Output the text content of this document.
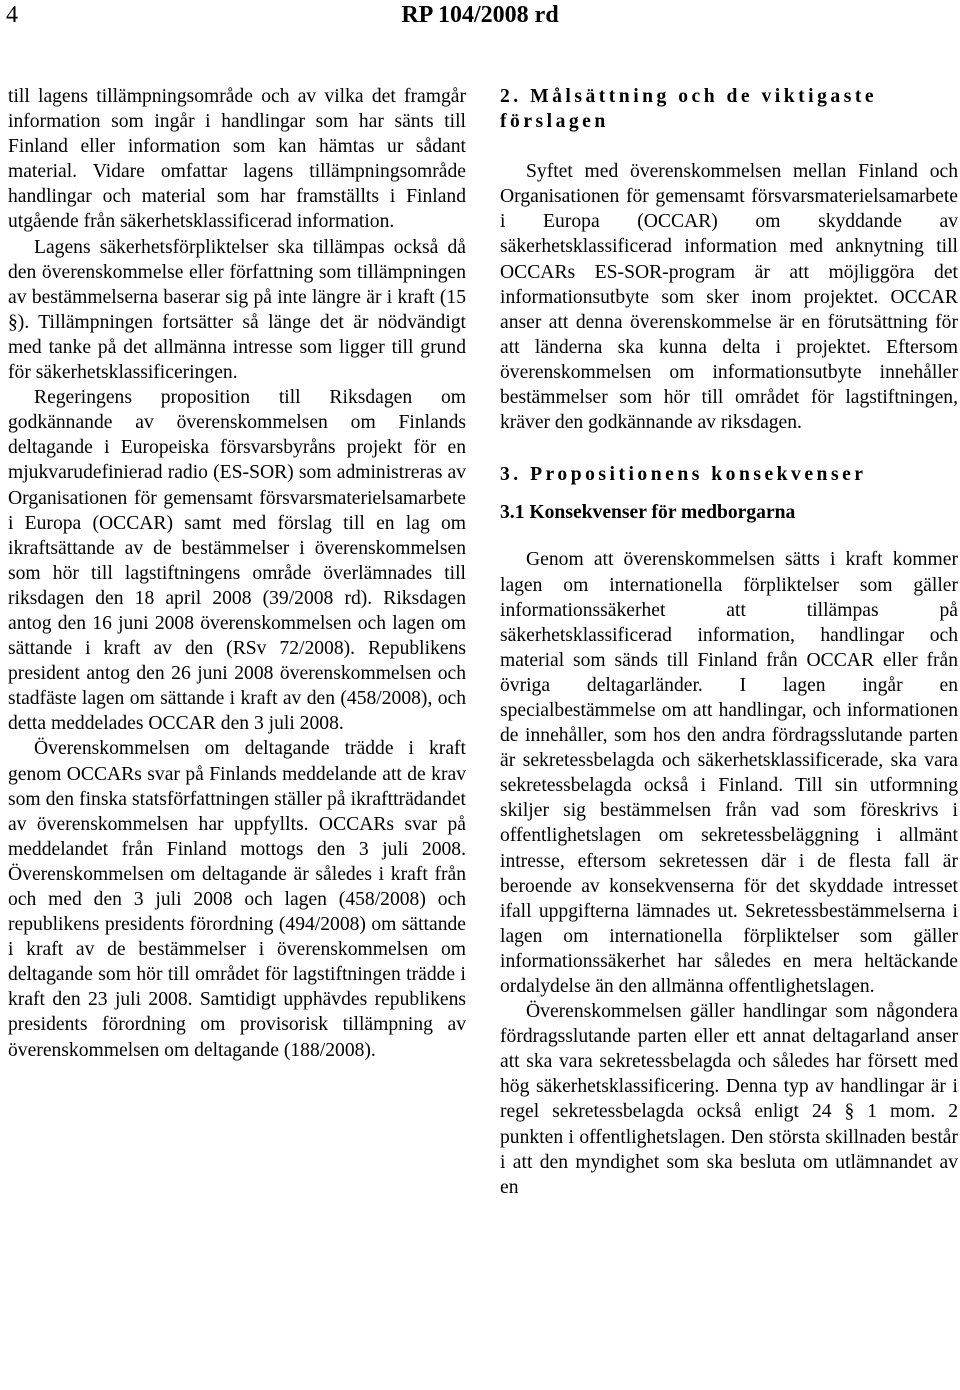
4	RP 104/2008 rd

till lagens tillämpningsområde och av vilka det framgår information som ingår i handlingar som har sänts till Finland eller information som kan hämtas ur sådant material. Vidare omfattar lagens tillämpningsområde handlingar och material som har framställts i Finland utgående från säkerhetsklassificerad information.

Lagens säkerhetsförpliktelser ska tillämpas också då den överenskommelse eller författning som tillämpningen av bestämmelserna baserar sig på inte längre är i kraft (15 §). Tillämpningen fortsätter så länge det är nödvändigt med tanke på det allmänna intresse som ligger till grund för säkerhetsklassificeringen.

Regeringens proposition till Riksdagen om godkännande av överenskommelsen om Finlands deltagande i Europeiska försvarsbyråns projekt för en mjukvarudefinierad radio (ES-SOR) som administreras av Organisationen för gemensamt försvarsmaterielsamarbete i Europa (OCCAR) samt med förslag till en lag om ikraftsättande av de bestämmelser i överenskommelsen som hör till lagstiftningens område överlämnades till riksdagen den 18 april 2008 (39/2008 rd). Riksdagen antog den 16 juni 2008 överenskommelsen och lagen om sättande i kraft av den (RSv 72/2008). Republikens president antog den 26 juni 2008 överenskommelsen och stadfäste lagen om sättande i kraft av den (458/2008), och detta meddelades OCCAR den 3 juli 2008.

Överenskommelsen om deltagande trädde i kraft genom OCCARs svar på Finlands meddelande att de krav som den finska statsförfattningen ställer på ikraftträdandet av överenskommelsen har uppfyllts. OCCARs svar på meddelandet från Finland mottogs den 3 juli 2008. Överenskommelsen om deltagande är således i kraft från och med den 3 juli 2008 och lagen (458/2008) och republikens presidents förordning (494/2008) om sättande i kraft av de bestämmelser i överenskommelsen om deltagande som hör till området för lagstiftningen trädde i kraft den 23 juli 2008. Samtidigt upphävdes republikens presidents förordning om provisorisk tillämpning av överenskommelsen om deltagande (188/2008).

2. Målsättning och de viktigaste förslagen

Syftet med överenskommelsen mellan Finland och Organisationen för gemensamt försvarsmaterielsamarbete i Europa (OCCAR) om skyddande av säkerhetsklassificerad information med anknytning till OCCARs ES-SOR-program är att möjliggöra det informationsutbyte som sker inom projektet. OCCAR anser att denna överenskommelse är en förutsättning för att länderna ska kunna delta i projektet. Eftersom överenskommelsen om informationsutbyte innehåller bestämmelser som hör till området för lagstiftningen, kräver den godkännande av riksdagen.

3. Propositionens konsekvenser
3.1 Konsekvenser för medborgarna

Genom att överenskommelsen sätts i kraft kommer lagen om internationella förpliktelser som gäller informationssäkerhet att tillämpas på säkerhetsklassificerad information, handlingar och material som sänds till Finland från OCCAR eller från övriga deltagarländer. I lagen ingår en specialbestämmelse om att handlingar, och informationen de innehåller, som hos den andra fördragsslutande parten är sekretessbelagda och säkerhetsklassificerade, ska vara sekretessbelagda också i Finland. Till sin utformning skiljer sig bestämmelsen från vad som föreskrivs i offentlighetslagen om sekretessbeläggning i allmänt intresse, eftersom sekretessen där i de flesta fall är beroende av konsekvenserna för det skyddade intresset ifall uppgifterna lämnades ut. Sekretessbestämmelserna i lagen om internationella förpliktelser som gäller informationssäkerhet har således en mera heltäckande ordalydelse än den allmänna offentlighetslagen.

Överenskommelsen gäller handlingar som någondera fördragsslutande parten eller ett annat deltagarland anser att ska vara sekretessbelagda och således har försett med hög säkerhetsklassificering. Denna typ av handlingar är i regel sekretessbelagda också enligt 24 § 1 mom. 2 punkten i offentlighetslagen. Den största skillnaden består i att den myndighet som ska besluta om utlämnandet av en
